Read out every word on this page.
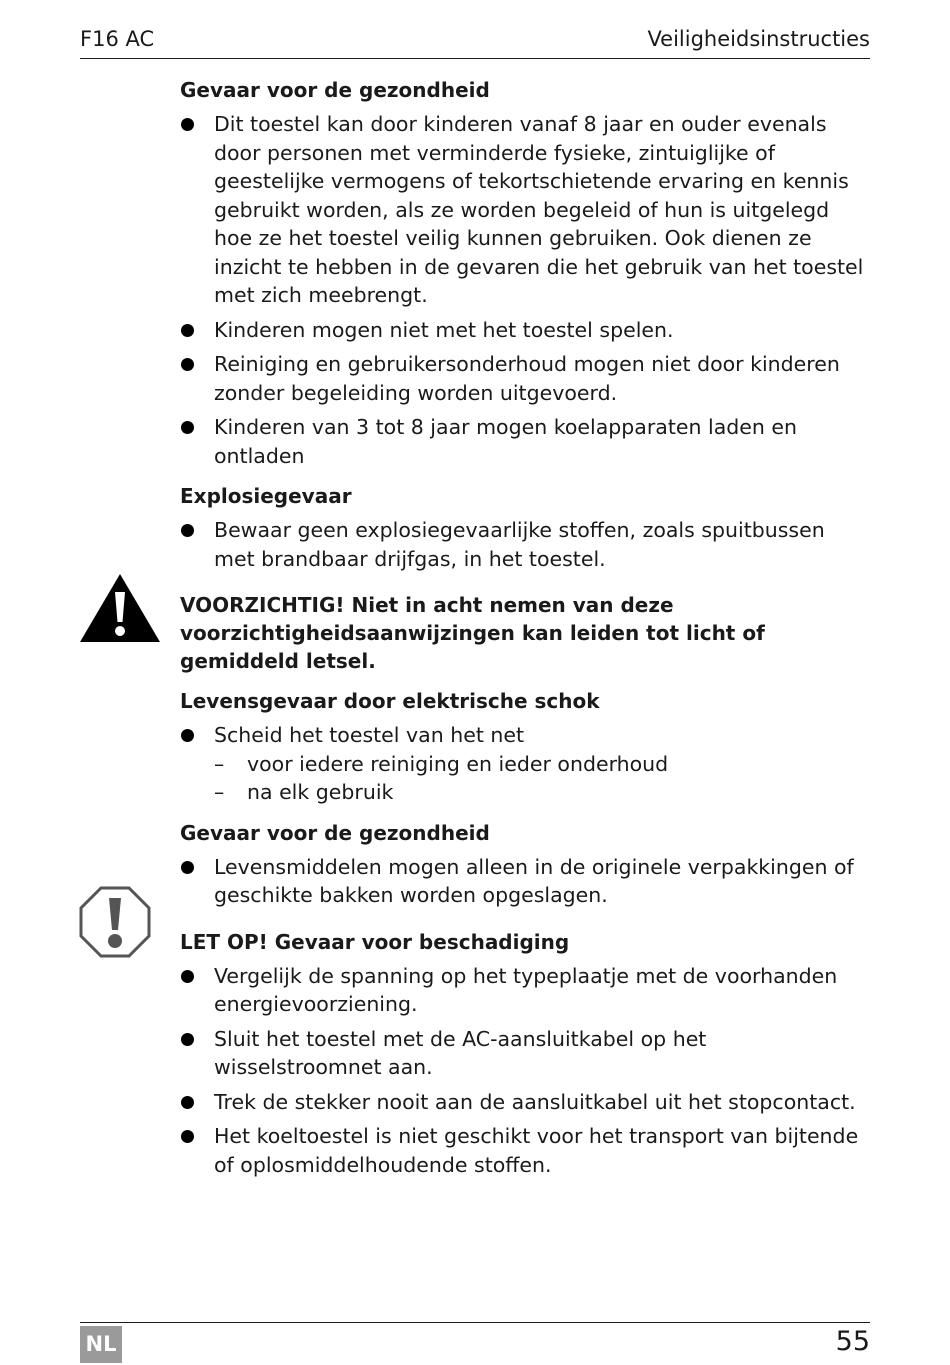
F16 AC	Veiligheidsinstructies
Gevaar voor de gezondheid
Dit toestel kan door kinderen vanaf 8 jaar en ouder evenals door personen met verminderde fysieke, zintuiglijke of geestelijke vermogens of tekortschietende ervaring en kennis gebruikt worden, als ze worden begeleid of hun is uitgelegd hoe ze het toestel veilig kunnen gebruiken. Ook dienen ze inzicht te hebben in de gevaren die het gebruik van het toestel met zich meebrengt.
Kinderen mogen niet met het toestel spelen.
Reiniging en gebruikersonderhoud mogen niet door kinderen zonder begeleiding worden uitgevoerd.
Kinderen van 3 tot 8 jaar mogen koelapparaten laden en ontladen
Explosiegevaar
Bewaar geen explosiegevaarlijke stoffen, zoals spuitbussen met brandbaar drijfgas, in het toestel.
VOORZICHTIG! Niet in acht nemen van deze voorzichtigheidsaanwijzingen kan leiden tot licht of gemiddeld letsel.
Levensgevaar door elektrische schok
Scheid het toestel van het net
– voor iedere reiniging en ieder onderhoud
– na elk gebruik
Gevaar voor de gezondheid
Levensmiddelen mogen alleen in de originele verpakkingen of geschikte bakken worden opgeslagen.
LET OP! Gevaar voor beschadiging
Vergelijk de spanning op het typeplaatje met de voorhanden energievoorziening.
Sluit het toestel met de AC-aansluitkabel op het wisselstroomnet aan.
Trek de stekker nooit aan de aansluitkabel uit het stopcontact.
Het koeltoestel is niet geschikt voor het transport van bijtende of oplosmiddelhoudende stoffen.
NL	55
